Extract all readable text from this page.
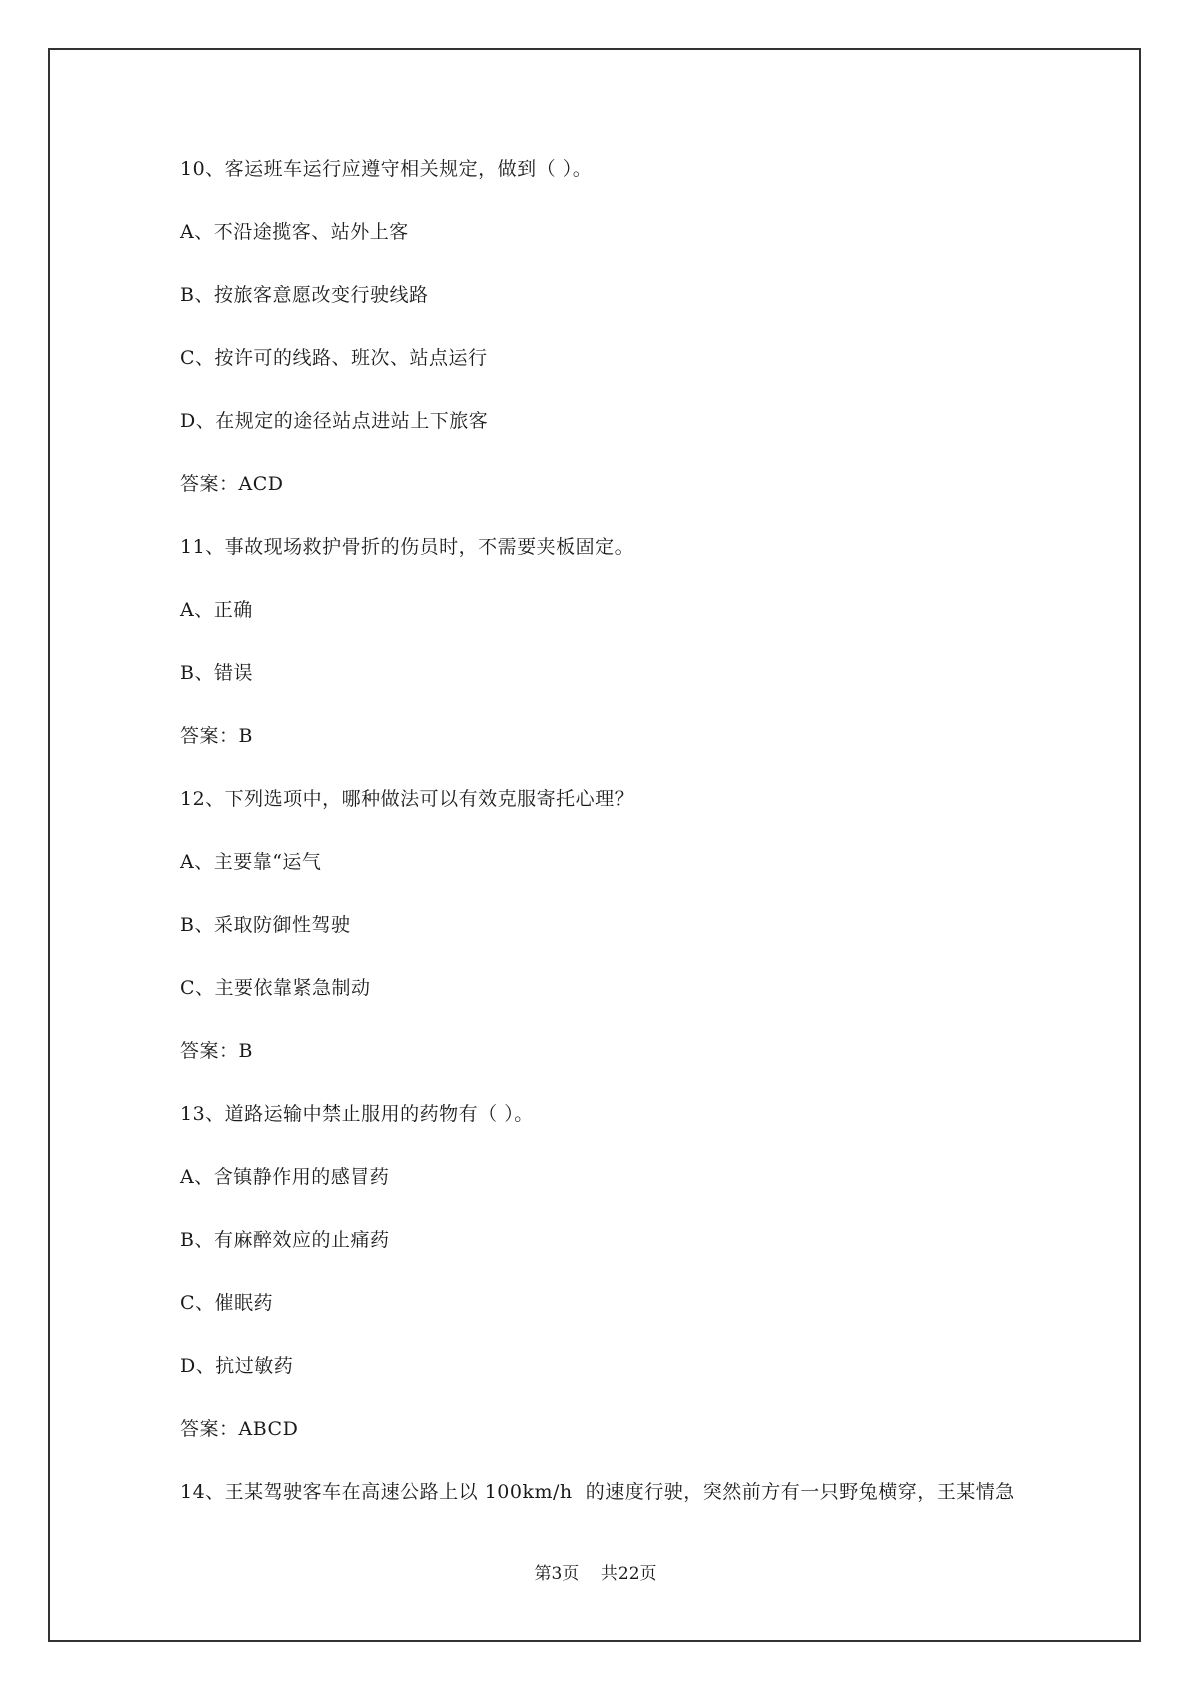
10、客运班车运行应遵守相关规定，做到（ ）。
A、不沿途揽客、站外上客
B、按旅客意愿改变行驶线路
C、按许可的线路、班次、站点运行
D、在规定的途径站点进站上下旅客
答案：ACD
11、事故现场救护骨折的伤员时，不需要夹板固定。
A、正确
B、错误
答案：B
12、下列选项中，哪种做法可以有效克服寄托心理？
A、主要靠“运气
B、采取防御性驾驶
C、主要依靠紧急制动
答案：B
13、道路运输中禁止服用的药物有（ ）。
A、含镇静作用的感冒药
B、有麻醉效应的止痛药
C、催眠药
D、抗过敏药
答案：ABCD
14、王某驾驶客车在高速公路上以 100km/h  的速度行驶，突然前方有一只野兔横穿，王某情急
第3页    共22页
